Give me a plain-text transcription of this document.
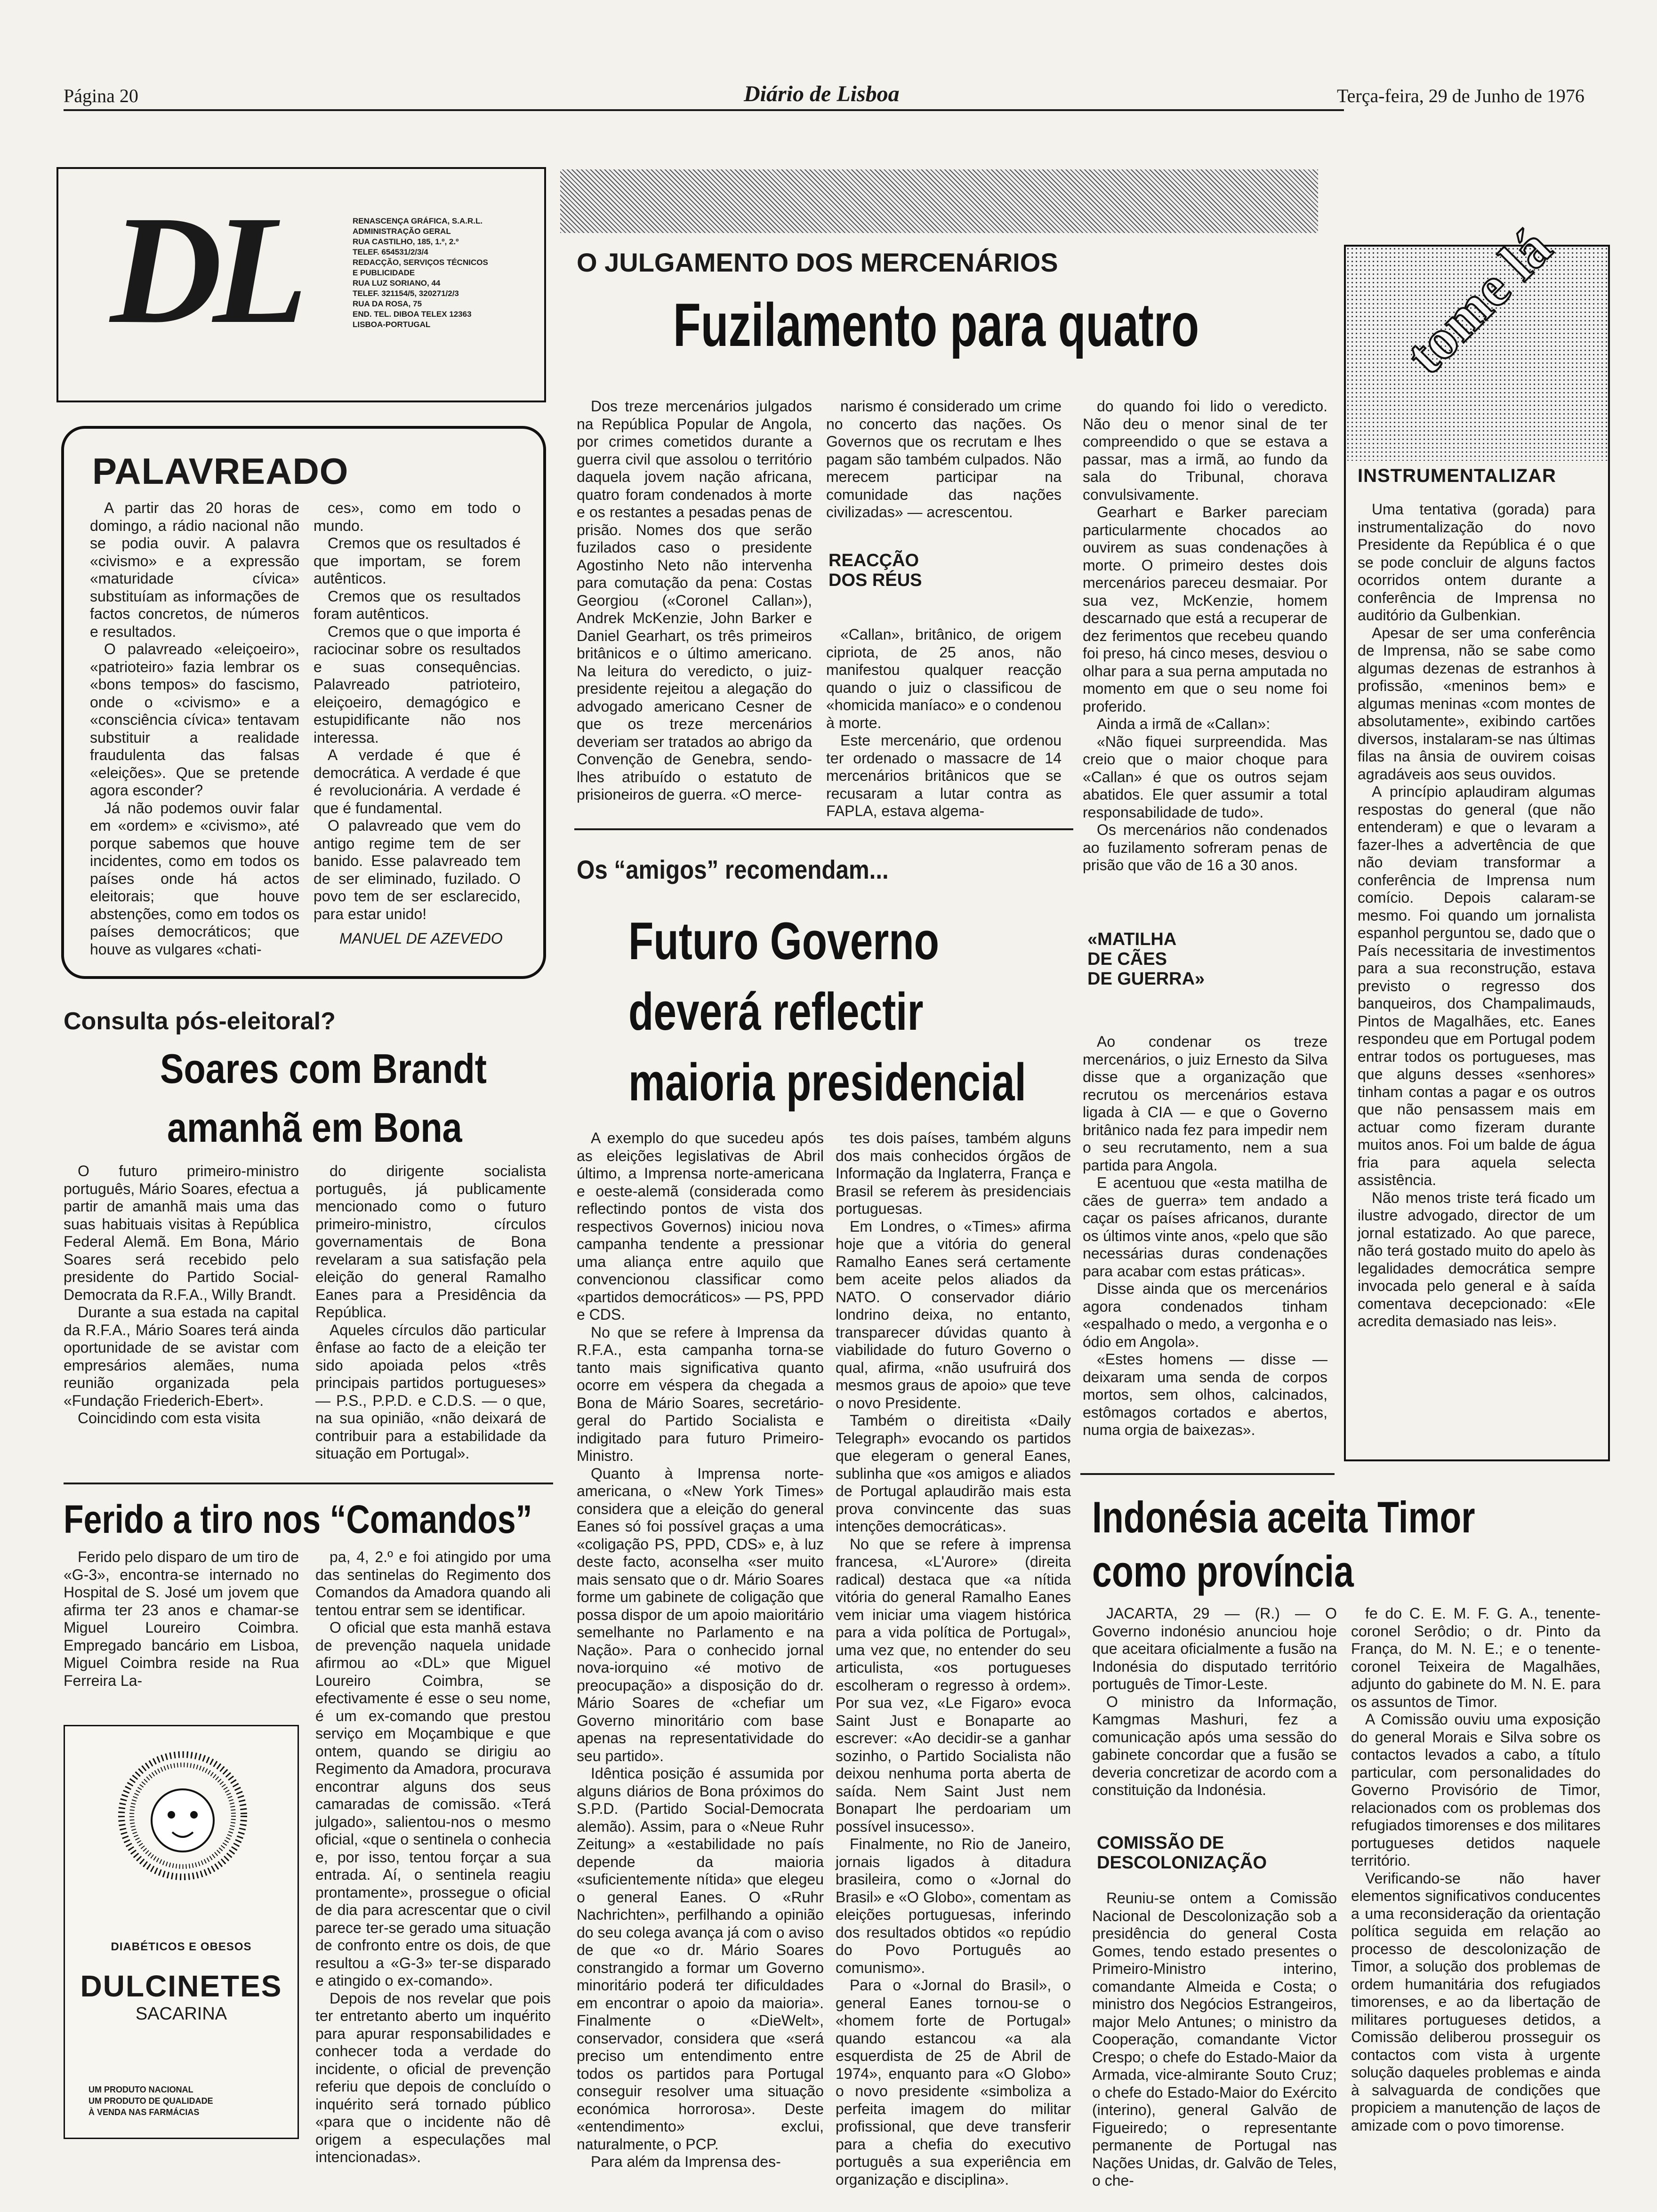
Página 20	Diário de Lisboa	Terça-feira, 29 de Junho de 1976
DL	RENASCENÇA GRÁFICA, S.A.R.L.
ADMINISTRAÇÃO GERAL
RUA CASTILHO, 185, 1.º, 2.º
TELEF. 654531/2/3/4
REDACÇÃO, SERVIÇOS TÉCNICOS
E PUBLICIDADE
RUA LUZ SORIANO, 44
TELEF. 321154/5, 320271/2/3
RUA DA ROSA, 75
END. TEL. DIBOA TELEX 12363
LISBOA-PORTUGAL
PALAVREADO

A partir das 20 horas de domingo, a rádio nacional não se podia ouvir. A palavra «civismo» e a expressão «maturidade cívica» substituíam as informações de factos concretos, de números e resultados.

O palavreado «eleiçoeiro», «patrioteiro» fazia lembrar os «bons tempos» do fascismo, onde o «civismo» e a «consciência cívica» tentavam substituir a realidade fraudulenta das falsas «eleições». Que se pretende agora esconder?

Já não podemos ouvir falar em «ordem» e «civismo», até porque sabemos que houve incidentes, como em todos os países onde há actos eleitorais; que houve abstenções, como em todos os países democráticos; que houve as vulgares «chati-

ces», como em todo o mundo.

Cremos que os resultados é que importam, se forem autênticos.

Cremos que os resultados foram autênticos.

Cremos que o que importa é raciocinar sobre os resultados e suas consequências. Palavreado patrioteiro, eleiçoeiro, demagógico e estupidificante não nos interessa.

A verdade é que é democrática. A verdade é que é revolucionária. A verdade é que é fundamental.

O palavreado que vem do antigo regime tem de ser banido. Esse palavreado tem de ser eliminado, fuzilado. O povo tem de ser esclarecido, para estar unido!

MANUEL DE AZEVEDO
Consulta pós-eleitoral?
Soares com Brandt
amanhã em Bona

O futuro primeiro-ministro português, Mário Soares, efectua a partir de amanhã mais uma das suas habituais visitas à República Federal Alemã. Em Bona, Mário Soares será recebido pelo presidente do Partido Social-Democrata da R.F.A., Willy Brandt.

Durante a sua estada na capital da R.F.A., Mário Soares terá ainda oportunidade de se avistar com empresários alemães, numa reunião organizada pela «Fundação Friederich-Ebert».

Coincidindo com esta visita

do dirigente socialista português, já publicamente mencionado como o futuro primeiro-ministro, círculos governamentais de Bona revelaram a sua satisfação pela eleição do general Ramalho Eanes para a Presidência da República.

Aqueles círculos dão particular ênfase ao facto de a eleição ter sido apoiada pelos «três principais partidos portugueses» — P.S., P.P.D. e C.D.S. — o que, na sua opinião, «não deixará de contribuir para a estabilidade da situação em Portugal».

Ferido a tiro nos “Comandos”

Ferido pelo disparo de um tiro de «G-3», encontra-se internado no Hospital de S. José um jovem que afirma ter 23 anos e chamar-se Miguel Loureiro Coimbra. Empregado bancário em Lisboa, Miguel Coimbra reside na Rua Ferreira La-

pa, 4, 2.º e foi atingido por uma das sentinelas do Regimento dos Comandos da Amadora quando ali tentou entrar sem se identificar.

O oficial que esta manhã estava de prevenção naquela unidade afirmou ao «DL» que Miguel Loureiro Coimbra, se efectivamente é esse o seu nome, é um ex-comando que prestou serviço em Moçambique e que ontem, quando se dirigiu ao Regimento da Amadora, procurava encontrar alguns dos seus camaradas de comissão. «Terá julgado», salientou-nos o mesmo oficial, «que o sentinela o conhecia e, por isso, tentou forçar a sua entrada. Aí, o sentinela reagiu prontamente», prossegue o oficial de dia para acrescentar que o civil parece ter-se gerado uma situação de confronto entre os dois, de que resultou a «G-3» ter-se disparado e atingido o ex-comando».

Depois de nos revelar que pois ter entretanto aberto um inquérito para apurar responsabilidades e conhecer toda a verdade do incidente, o oficial de prevenção referiu que depois de concluído o inquérito será tornado público «para que o incidente não dê origem a especulações mal intencionadas».

DIABÉTICOS E OBESOS
DULCINETES
SACARINA
UM PRODUTO NACIONAL
UM PRODUTO DE QUALIDADE
À VENDA NAS FARMÁCIAS
O JULGAMENTO DOS MERCENÁRIOS
Fuzilamento para quatro

Dos treze mercenários julgados na República Popular de Angola, por crimes cometidos durante a guerra civil que assolou o território daquela jovem nação africana, quatro foram condenados à morte e os restantes a pesadas penas de prisão. Nomes dos que serão fuzilados caso o presidente Agostinho Neto não intervenha para comutação da pena: Costas Georgiou («Coronel Callan»), Andrek McKenzie, John Barker e Daniel Gearhart, os três primeiros britânicos e o último americano. Na leitura do veredicto, o juiz-presidente rejeitou a alegação do advogado americano Cesner de que os treze mercenários deveriam ser tratados ao abrigo da Convenção de Genebra, sendo-lhes atribuído o estatuto de prisioneiros de guerra. «O merce-

narismo é considerado um crime no concerto das nações. Os Governos que os recrutam e lhes pagam são também culpados. Não merecem participar na comunidade das nações civilizadas» — acrescentou.

REACÇÃO
DOS RÉUS

«Callan», britânico, de origem cipriota, de 25 anos, não manifestou qualquer reacção quando o juiz o classificou de «homicida maníaco» e o condenou à morte.

Este mercenário, que ordenou ter ordenado o massacre de 14 mercenários britânicos que se recusaram a lutar contra as FAPLA, estava algema-

do quando foi lido o veredicto. Não deu o menor sinal de ter compreendido o que se estava a passar, mas a irmã, ao fundo da sala do Tribunal, chorava convulsivamente.

Gearhart e Barker pareciam particularmente chocados ao ouvirem as suas condenações à morte. O primeiro destes dois mercenários pareceu desmaiar. Por sua vez, McKenzie, homem descarnado que está a recuperar de dez ferimentos que recebeu quando foi preso, há cinco meses, desviou o olhar para a sua perna amputada no momento em que o seu nome foi proferido.

Ainda a irmã de «Callan»:

«Não fiquei surpreendida. Mas creio que o maior choque para «Callan» é que os outros sejam abatidos. Ele quer assumir a total responsabilidade de tudo».

Os mercenários não condenados ao fuzilamento sofreram penas de prisão que vão de 16 a 30 anos.

«MATILHA
DE CÃES
DE GUERRA»

Ao condenar os treze mercenários, o juiz Ernesto da Silva disse que a organização que recrutou os mercenários estava ligada à CIA — e que o Governo britânico nada fez para impedir nem o seu recrutamento, nem a sua partida para Angola.

E acentuou que «esta matilha de cães de guerra» tem andado a caçar os países africanos, durante os últimos vinte anos, «pelo que são necessárias duras condenações para acabar com estas práticas».

Disse ainda que os mercenários agora condenados tinham «espalhado o medo, a vergonha e o ódio em Angola».

«Estes homens — disse — deixaram uma senda de corpos mortos, sem olhos, calcinados, estômagos cortados e abertos, numa orgia de baixezas».

Os “amigos” recomendam...
Futuro Governo
deverá reflectir
maioria presidencial

A exemplo do que sucedeu após as eleições legislativas de Abril último, a Imprensa norte-americana e oeste-alemã (considerada como reflectindo pontos de vista dos respectivos Governos) iniciou nova campanha tendente a pressionar uma aliança entre aquilo que convencionou classificar como «partidos democráticos» — PS, PPD e CDS.

No que se refere à Imprensa da R.F.A., esta campanha torna-se tanto mais significativa quanto ocorre em véspera da chegada a Bona de Mário Soares, secretário-geral do Partido Socialista e indigitado para futuro Primeiro-Ministro.

Quanto à Imprensa norte-americana, o «New York Times» considera que a eleição do general Eanes só foi possível graças a uma «coligação PS, PPD, CDS» e, à luz deste facto, aconselha «ser muito mais sensato que o dr. Mário Soares forme um gabinete de coligação que possa dispor de um apoio maioritário semelhante no Parlamento e na Nação». Para o conhecido jornal nova-iorquino «é motivo de preocupação» a disposição do dr. Mário Soares de «chefiar um Governo minoritário com base apenas na representatividade do seu partido».

Idêntica posição é assumida por alguns diários de Bona próximos do S.P.D. (Partido Social-Democrata alemão). Assim, para o «Neue Ruhr Zeitung» a «estabilidade no país depende da maioria «suficientemente nítida» que elegeu o general Eanes. O «Ruhr Nachrichten», perfilhando a opinião do seu colega avança já com o aviso de que «o dr. Mário Soares constrangido a formar um Governo minoritário poderá ter dificuldades em encontrar o apoio da maioria». Finalmente o «DieWelt», conservador, considera que «será preciso um entendimento entre todos os partidos para Portugal conseguir resolver uma situação económica horrorosa». Deste «entendimento» exclui, naturalmente, o PCP.

Para além da Imprensa des-

tes dois países, também alguns dos mais conhecidos órgãos de Informação da Inglaterra, França e Brasil se referem às presidenciais portuguesas.

Em Londres, o «Times» afirma hoje que a vitória do general Ramalho Eanes será certamente bem aceite pelos aliados da NATO. O conservador diário londrino deixa, no entanto, transparecer dúvidas quanto à viabilidade do futuro Governo o qual, afirma, «não usufruirá dos mesmos graus de apoio» que teve o novo Presidente.

Também o direitista «Daily Telegraph» evocando os partidos que elegeram o general Eanes, sublinha que «os amigos e aliados de Portugal aplaudirão mais esta prova convincente das suas intenções democráticas».

No que se refere à imprensa francesa, «L'Aurore» (direita radical) destaca que «a nítida vitória do general Ramalho Eanes vem iniciar uma viagem histórica para a vida política de Portugal», uma vez que, no entender do seu articulista, «os portugueses escolheram o regresso à ordem». Por sua vez, «Le Figaro» evoca Saint Just e Bonaparte ao escrever: «Ao decidir-se a ganhar sozinho, o Partido Socialista não deixou nenhuma porta aberta de saída. Nem Saint Just nem Bonapart lhe perdoariam um possível insucesso».

Finalmente, no Rio de Janeiro, jornais ligados à ditadura brasileira, como o «Jornal do Brasil» e «O Globo», comentam as eleições portuguesas, inferindo dos resultados obtidos «o repúdio do Povo Português ao comunismo».

Para o «Jornal do Brasil», o general Eanes tornou-se o «homem forte de Portugal» quando estancou «a ala esquerdista de 25 de Abril de 1974», enquanto para «O Globo» o novo presidente «simboliza a perfeita imagem do militar profissional, que deve transferir para a chefia do executivo português a sua experiência em organização e disciplina».

tome lá
INSTRUMENTALIZAR

Uma tentativa (gorada) para instrumentalização do novo Presidente da República é o que se pode concluir de alguns factos ocorridos ontem durante a conferência de Imprensa no auditório da Gulbenkian.

Apesar de ser uma conferência de Imprensa, não se sabe como algumas dezenas de estranhos à profissão, «meninos bem» e algumas meninas «com montes de absolutamente», exibindo cartões diversos, instalaram-se nas últimas filas na ânsia de ouvirem coisas agradáveis aos seus ouvidos.

A princípio aplaudiram algumas respostas do general (que não entenderam) e que o levaram a fazer-lhes a advertência de que não deviam transformar a conferência de Imprensa num comício. Depois calaram-se mesmo. Foi quando um jornalista espanhol perguntou se, dado que o País necessitaria de investimentos para a sua reconstrução, estava previsto o regresso dos banqueiros, dos Champalimauds, Pintos de Magalhães, etc. Eanes respondeu que em Portugal podem entrar todos os portugueses, mas que alguns desses «senhores» tinham contas a pagar e os outros que não pensassem mais em actuar como fizeram durante muitos anos. Foi um balde de água fria para aquela selecta assistência.

Não menos triste terá ficado um ilustre advogado, director de um jornal estatizado. Ao que parece, não terá gostado muito do apelo às legalidades democrática sempre invocada pelo general e à saída comentava decepcionado: «Ele acredita demasiado nas leis».

Indonésia aceita Timor
como província

JACARTA, 29 — (R.) — O Governo indonésio anunciou hoje que aceitara oficialmente a fusão na Indonésia do disputado território português de Timor-Leste.

O ministro da Informação, Kamgmas Mashuri, fez a comunicação após uma sessão do gabinete concordar que a fusão se deveria concretizar de acordo com a constituição da Indonésia.

COMISSÃO DE
DESCOLONIZAÇÃO

Reuniu-se ontem a Comissão Nacional de Descolonização sob a presidência do general Costa Gomes, tendo estado presentes o Primeiro-Ministro interino, comandante Almeida e Costa; o ministro dos Negócios Estrangeiros, major Melo Antunes; o ministro da Cooperação, comandante Victor Crespo; o chefe do Estado-Maior da Armada, vice-almirante Souto Cruz; o chefe do Estado-Maior do Exército (interino), general Galvão de Figueiredo; o representante permanente de Portugal nas Nações Unidas, dr. Galvão de Teles, o che-

fe do C. E. M. F. G. A., tenente-coronel Serôdio; o dr. Pinto da França, do M. N. E.; e o tenente-coronel Teixeira de Magalhães, adjunto do gabinete do M. N. E. para os assuntos de Timor.

A Comissão ouviu uma exposição do general Morais e Silva sobre os contactos levados a cabo, a título particular, com personalidades do Governo Provisório de Timor, relacionados com os problemas dos refugiados timorenses e dos militares portugueses detidos naquele território.

Verificando-se não haver elementos significativos conducentes a uma reconsideração da orientação política seguida em relação ao processo de descolonização de Timor, a solução dos problemas de ordem humanitária dos refugiados timorenses, e ao da libertação de militares portugueses detidos, a Comissão deliberou prosseguir os contactos com vista à urgente solução daqueles problemas e ainda à salvaguarda de condições que propiciem a manutenção de laços de amizade com o povo timorense.
